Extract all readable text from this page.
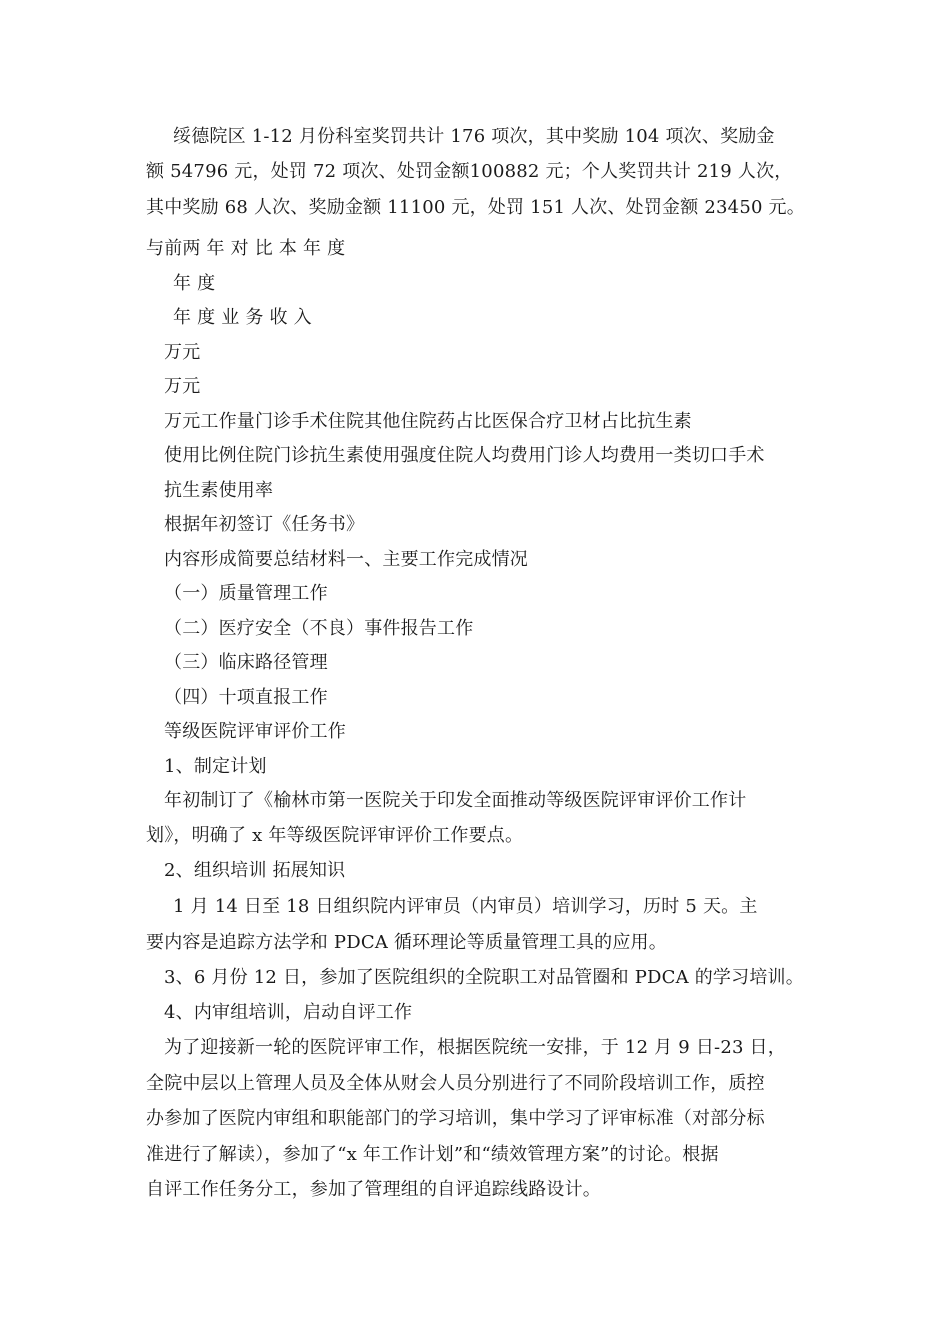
绥德院区 1-12 月份科室奖罚共计 176 项次，其中奖励 104 项次、奖励金

额 54796 元，处罚 72 项次、处罚金额100882 元；个人奖罚共计 219 人次，

其中奖励 68 人次、奖励金额 11100 元，处罚 151 人次、处罚金额 23450 元。

与前两 年 对 比 本 年 度

年 度

年 度 业 务 收 入

万元

万元

万元工作量门诊手术住院其他住院药占比医保合疗卫材占比抗生素

使用比例住院门诊抗生素使用强度住院人均费用门诊人均费用一类切口手术

抗生素使用率

根据年初签订《任务书》

内容形成简要总结材料一、主要工作完成情况

（一）质量管理工作

（二）医疗安全（不良）事件报告工作

（三）临床路径管理

（四）十项直报工作

等级医院评审评价工作

1、制定计划

年初制订了《榆林市第一医院关于印发全面推动等级医院评审评价工作计

划》，明确了 x 年等级医院评审评价工作要点。

2、组织培训 拓展知识

1 月 14 日至 18 日组织院内评审员（内审员）培训学习，历时 5 天。主

要内容是追踪方法学和 PDCA 循环理论等质量管理工具的应用。

3、6 月份 12 日，参加了医院组织的全院职工对品管圈和 PDCA 的学习培训。

4、内审组培训，启动自评工作

为了迎接新一轮的医院评审工作，根据医院统一安排，于 12 月 9 日-23 日，

全院中层以上管理人员及全体从财会人员分别进行了不同阶段培训工作，质控

办参加了医院内审组和职能部门的学习培训，集中学习了评审标准（对部分标

准进行了解读），参加了“x 年工作计划”和“绩效管理方案”的讨论。根据

自评工作任务分工，参加了管理组的自评追踪线路设计。
